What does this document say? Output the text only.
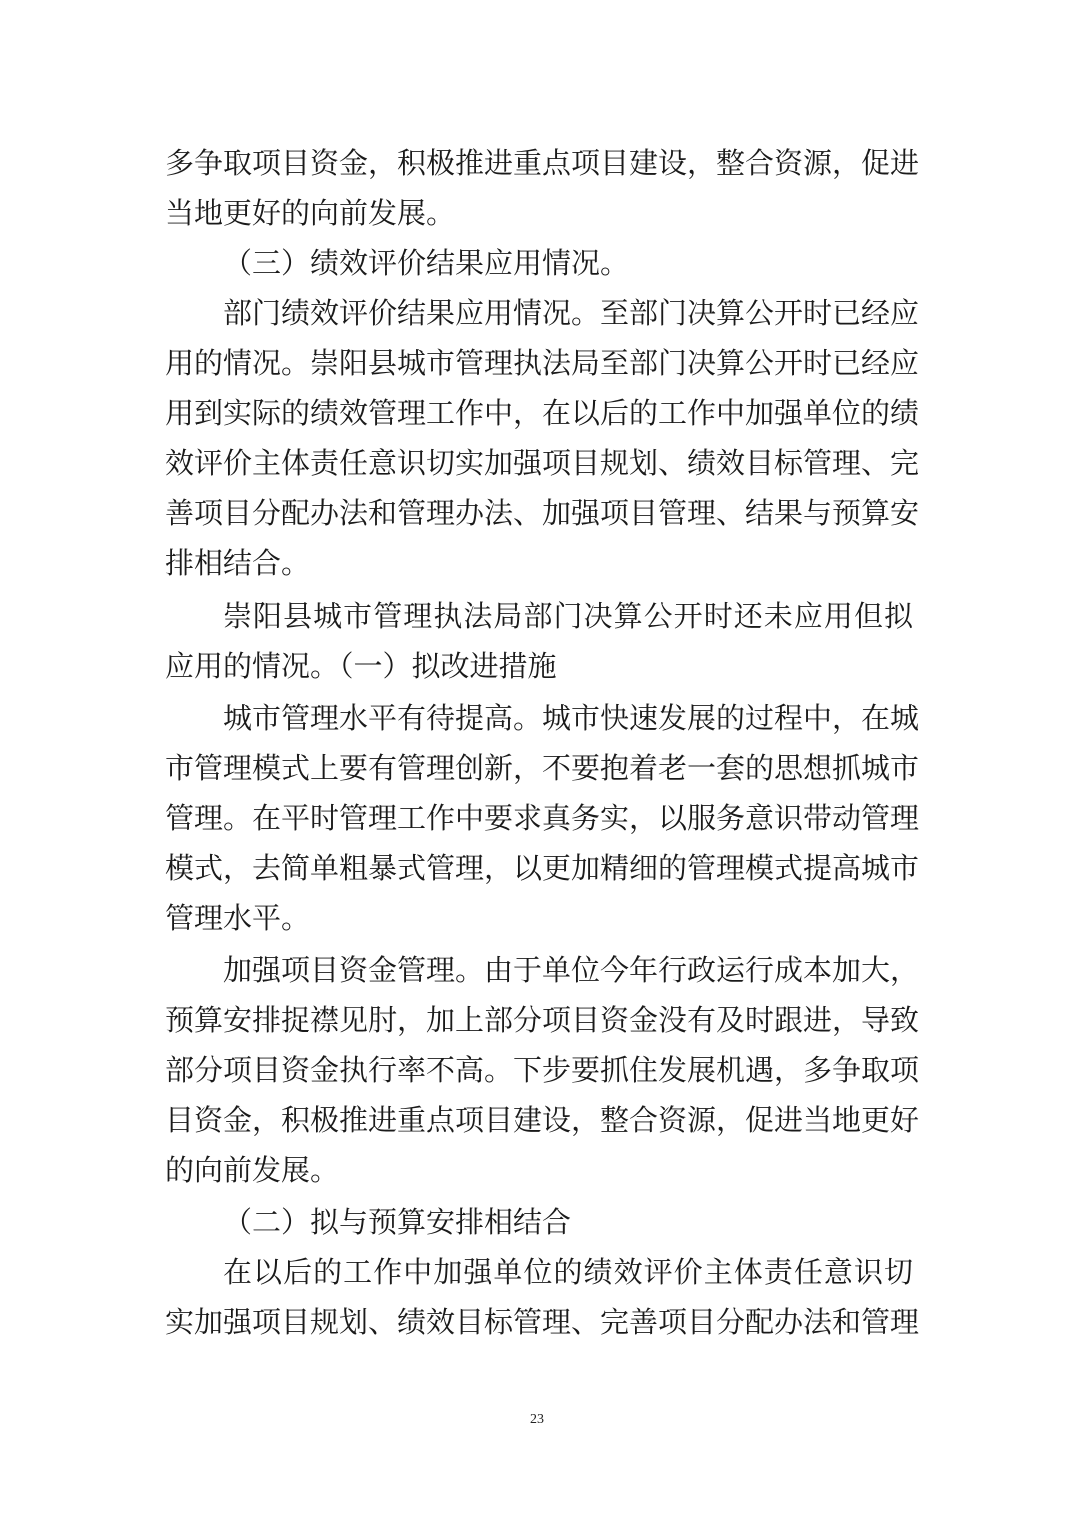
多争取项目资金，积极推进重点项目建设，整合资源，促进
当地更好的向前发展。
（三）绩效评价结果应用情况。
部门绩效评价结果应用情况。至部门决算公开时已经应
用的情况。崇阳县城市管理执法局至部门决算公开时已经应
用到实际的绩效管理工作中，在以后的工作中加强单位的绩
效评价主体责任意识切实加强项目规划、绩效目标管理、完
善项目分配办法和管理办法、加强项目管理、结果与预算安
排相结合。
崇阳县城市管理执法局部门决算公开时还未应用但拟
应用的情况。（一）拟改进措施
城市管理水平有待提高。城市快速发展的过程中，在城
市管理模式上要有管理创新，不要抱着老一套的思想抓城市
管理。在平时管理工作中要求真务实，以服务意识带动管理
模式，去简单粗暴式管理，以更加精细的管理模式提高城市
管理水平。
加强项目资金管理。由于单位今年行政运行成本加大，
预算安排捉襟见肘，加上部分项目资金没有及时跟进，导致
部分项目资金执行率不高。下步要抓住发展机遇，多争取项
目资金，积极推进重点项目建设，整合资源，促进当地更好
的向前发展。
（二）拟与预算安排相结合
在以后的工作中加强单位的绩效评价主体责任意识切
实加强项目规划、绩效目标管理、完善项目分配办法和管理
23
